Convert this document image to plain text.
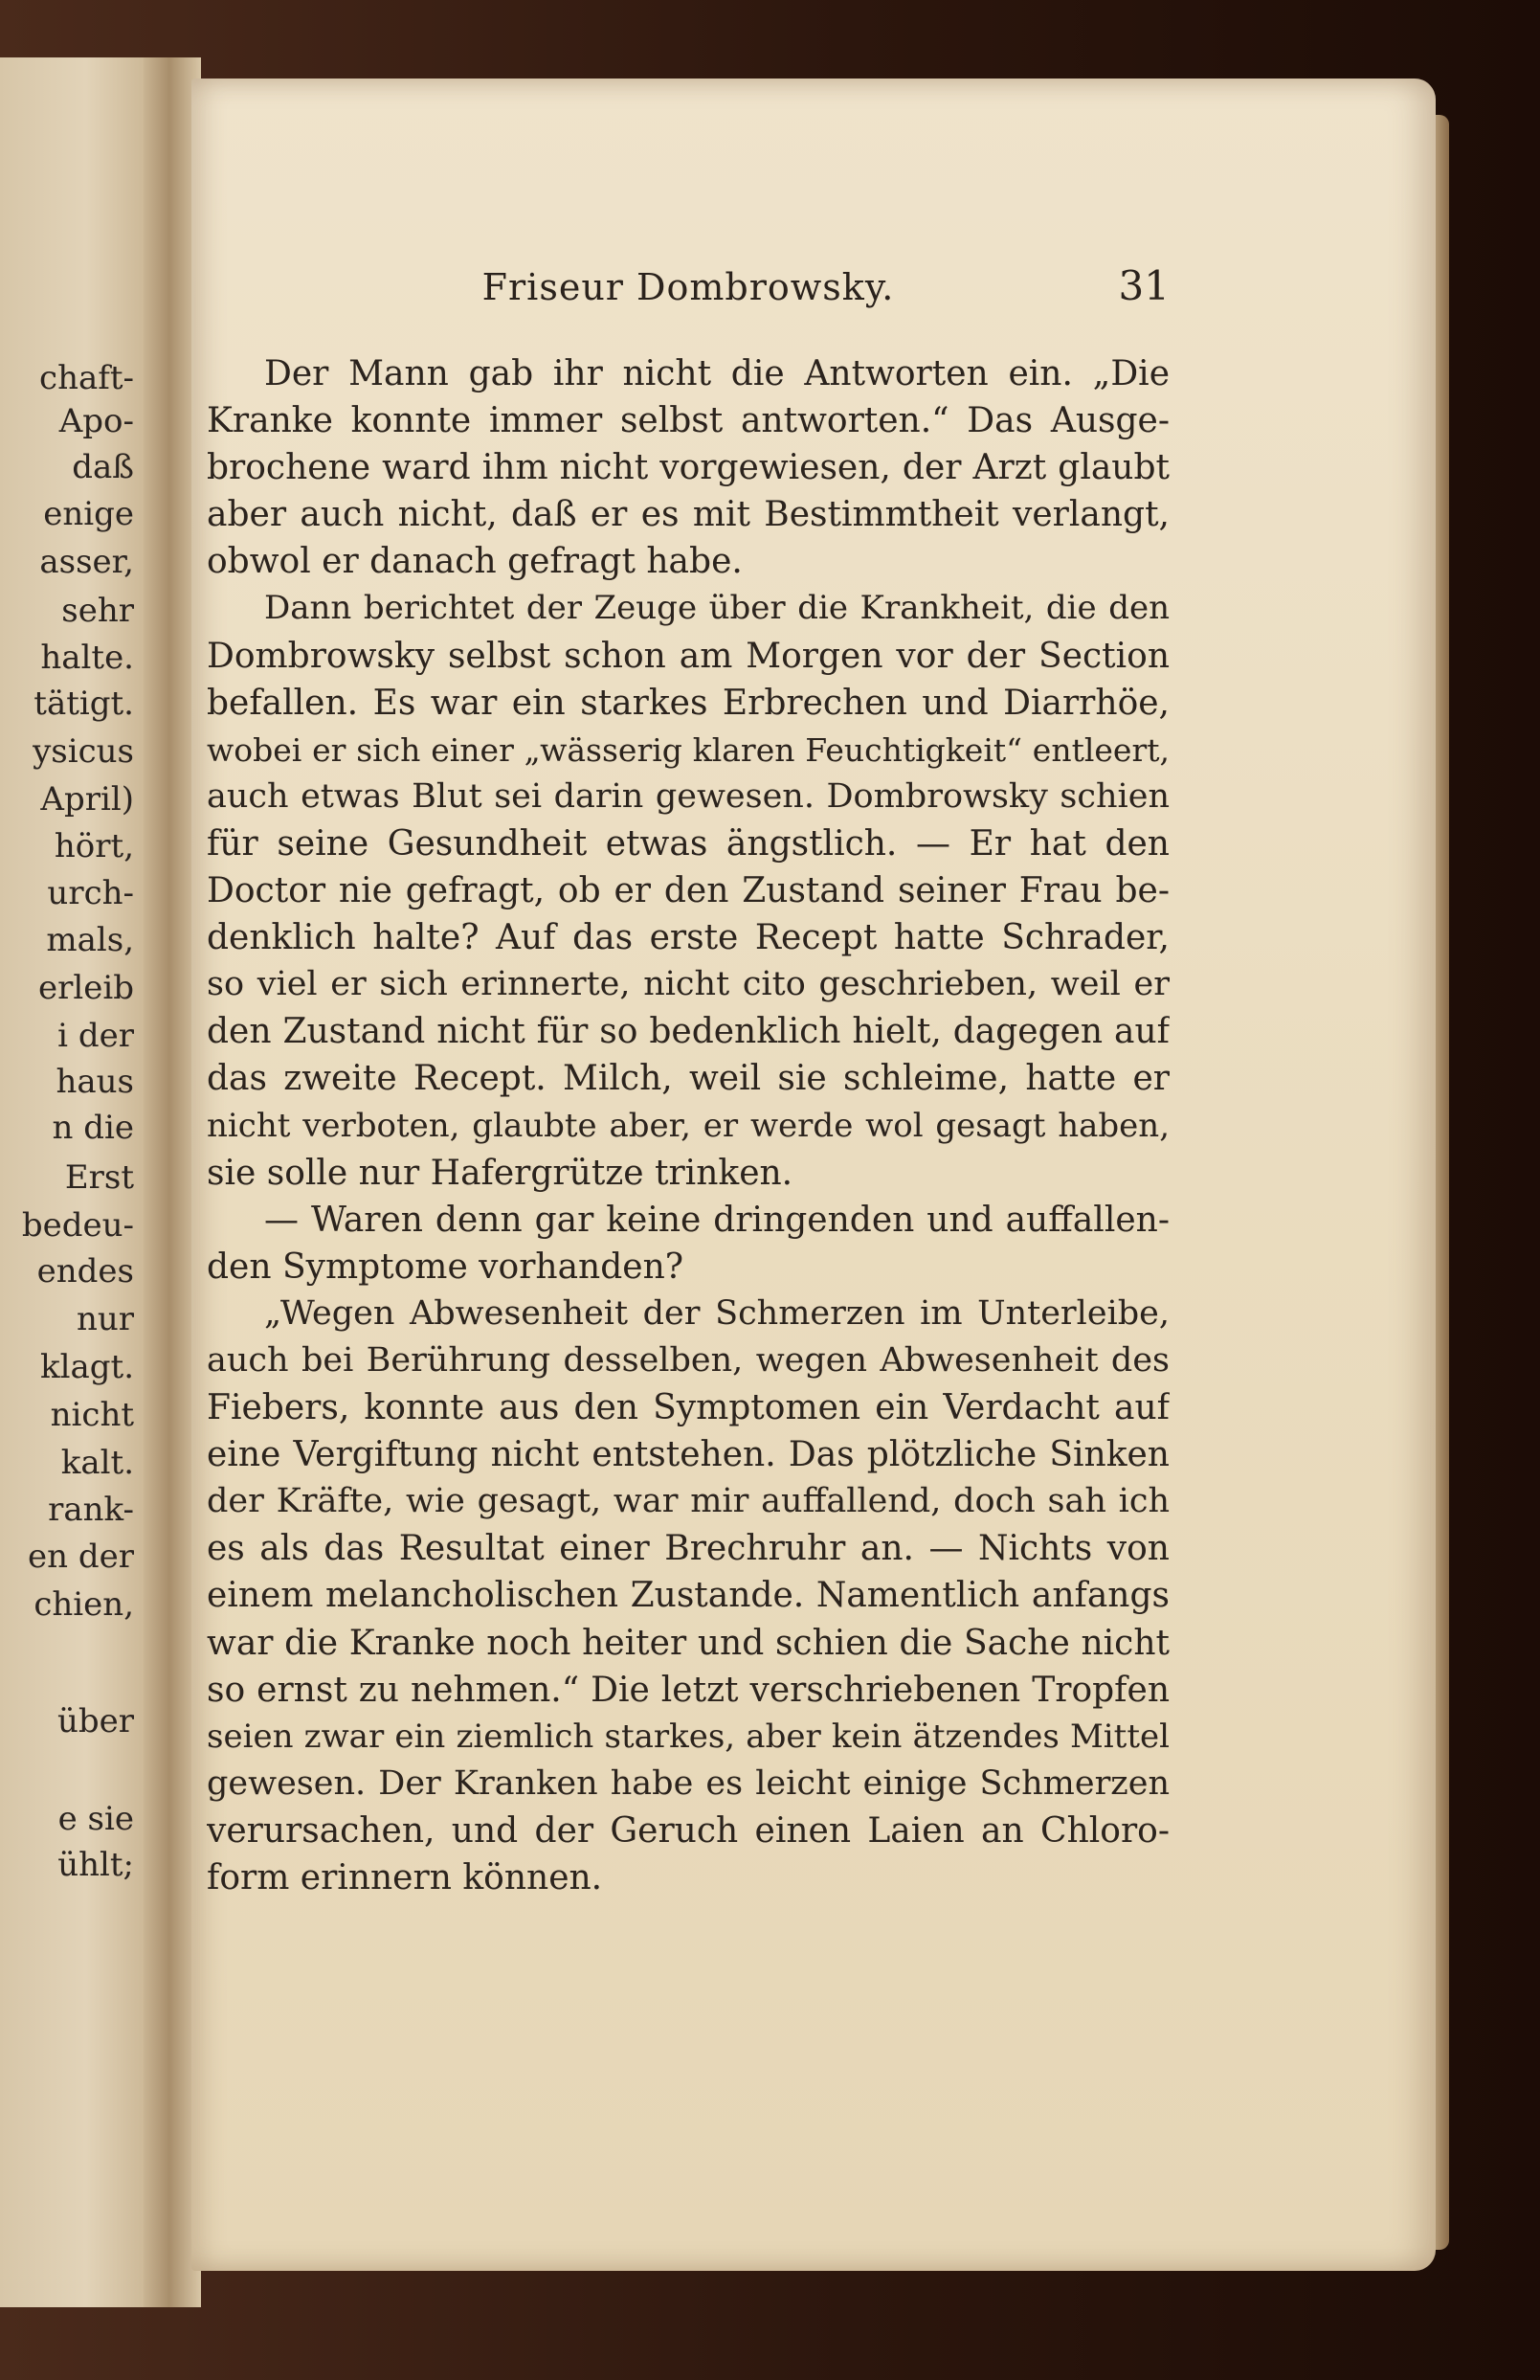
chaft-
Apo-
daß
enige
asser,
sehr
halte.
tätigt.
ysicus
April)
hört,
urch-
mals,
erleib
i der
haus
n die
Erst
bedeu-
endes
nur
klagt.
nicht
kalt.
rank-
en der
chien,
über
e sie
ühlt;
Friseur Dombrowsky.	31
Der Mann gab ihr nicht die Antworten ein. „Die
Kranke konnte immer selbst antworten.“ Das Ausge-
brochene ward ihm nicht vorgewiesen, der Arzt glaubt
aber auch nicht, daß er es mit Bestimmtheit verlangt,
obwol er danach gefragt habe.
Dann berichtet der Zeuge über die Krankheit, die den
Dombrowsky selbst schon am Morgen vor der Section
befallen. Es war ein starkes Erbrechen und Diarrhöe,
wobei er sich einer „wässerig klaren Feuchtigkeit“ entleert,
auch etwas Blut sei darin gewesen. Dombrowsky schien
für seine Gesundheit etwas ängstlich. — Er hat den
Doctor nie gefragt, ob er den Zustand seiner Frau be-
denklich halte? Auf das erste Recept hatte Schrader,
so viel er sich erinnerte, nicht cito geschrieben, weil er
den Zustand nicht für so bedenklich hielt, dagegen auf
das zweite Recept. Milch, weil sie schleime, hatte er
nicht verboten, glaubte aber, er werde wol gesagt haben,
sie solle nur Hafergrütze trinken.
— Waren denn gar keine dringenden und auffallen-
den Symptome vorhanden?
„Wegen Abwesenheit der Schmerzen im Unterleibe,
auch bei Berührung desselben, wegen Abwesenheit des
Fiebers, konnte aus den Symptomen ein Verdacht auf
eine Vergiftung nicht entstehen. Das plötzliche Sinken
der Kräfte, wie gesagt, war mir auffallend, doch sah ich
es als das Resultat einer Brechruhr an. — Nichts von
einem melancholischen Zustande. Namentlich anfangs
war die Kranke noch heiter und schien die Sache nicht
so ernst zu nehmen.“ Die letzt verschriebenen Tropfen
seien zwar ein ziemlich starkes, aber kein ätzendes Mittel
gewesen. Der Kranken habe es leicht einige Schmerzen
verursachen, und der Geruch einen Laien an Chloro-
form erinnern können.
